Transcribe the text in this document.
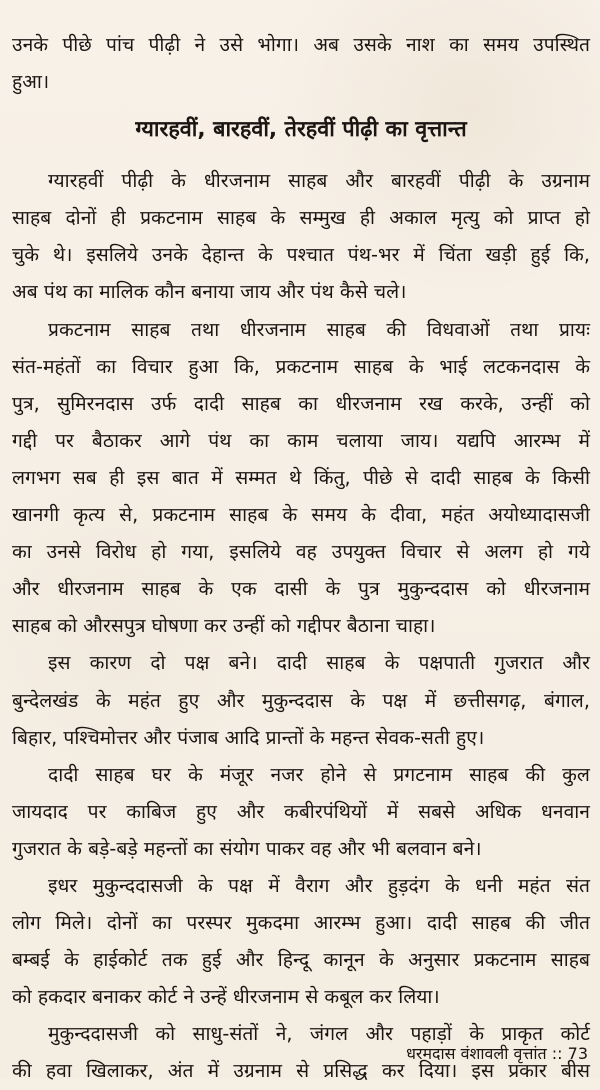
उनके पीछे पांच पीढ़ी ने उसे भोगा। अब उसके नाश का समय उपस्थित
हुआ।
ग्यारहवीं, बारहवीं, तेरहवीं पीढ़ी का वृत्तान्त
ग्यारहवीं पीढ़ी के धीरजनाम साहब और बारहवीं पीढ़ी के उग्रनाम
साहब दोनों ही प्रकटनाम साहब के सम्मुख ही अकाल मृत्यु को प्राप्त हो
चुके थे। इसलिये उनके देहान्त के पश्चात पंथ-भर में चिंता खड़ी हुई कि,
अब पंथ का मालिक कौन बनाया जाय और पंथ कैसे चले।
प्रकटनाम साहब तथा धीरजनाम साहब की विधवाओं तथा प्रायः
संत-महंतों का विचार हुआ कि, प्रकटनाम साहब के भाई लटकनदास के
पुत्र, सुमिरनदास उर्फ दादी साहब का धीरजनाम रख करके, उन्हीं को
गद्दी पर बैठाकर आगे पंथ का काम चलाया जाय। यद्यपि आरम्भ में
लगभग सब ही इस बात में सम्मत थे किंतु, पीछे से दादी साहब के किसी
खानगी कृत्य से, प्रकटनाम साहब के समय के दीवा, महंत अयोध्यादासजी
का उनसे विरोध हो गया, इसलिये वह उपयुक्त विचार से अलग हो गये
और धीरजनाम साहब के एक दासी के पुत्र मुकुन्ददास को धीरजनाम
साहब को औरसपुत्र घोषणा कर उन्हीं को गद्दीपर बैठाना चाहा।
इस कारण दो पक्ष बने। दादी साहब के पक्षपाती गुजरात और
बुन्देलखंड के महंत हुए और मुकुन्ददास के पक्ष में छत्तीसगढ़, बंगाल,
बिहार, पश्चिमोत्तर और पंजाब आदि प्रान्तों के महन्त सेवक-सती हुए।
दादी साहब घर के मंजूर नजर होने से प्रगटनाम साहब की कुल
जायदाद पर काबिज हुए और कबीरपंथियों में सबसे अधिक धनवान
गुजरात के बड़े-बड़े महन्तों का संयोग पाकर वह और भी बलवान बने।
इधर मुकुन्ददासजी के पक्ष में वैराग और हुड़दंग के धनी महंत संत
लोग मिले। दोनों का परस्पर मुकदमा आरम्भ हुआ। दादी साहब की जीत
बम्बई के हाईकोर्ट तक हुई और हिन्दू कानून के अनुसार प्रकटनाम साहब
को हकदार बनाकर कोर्ट ने उन्हें धीरजनाम से कबूल कर लिया।
मुकुन्ददासजी को साधु-संतों ने, जंगल और पहाड़ों के प्राकृत कोर्ट
की हवा खिलाकर, अंत में उग्रनाम से प्रसिद्ध कर दिया। इस प्रकार बीस
धरमदास वंशावली वृत्तांत :: 73
